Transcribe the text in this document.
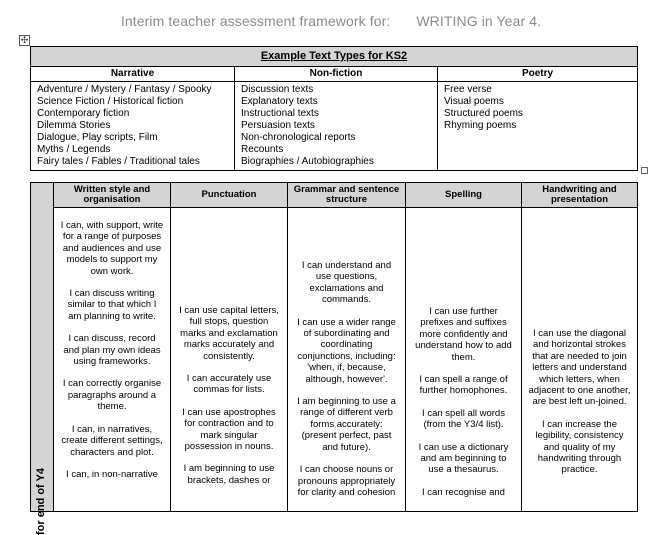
Interim teacher assessment framework for: WRITING in Year 4.
✣
Example Text Types for KS2
Narrative
Adventure / Mystery / Fantasy / Spooky
Science Fiction / Historical fiction
Contemporary fiction
Dilemma Stories
Dialogue, Play scripts, Film
Myths / Legends
Fairy tales / Fables / Traditional tales
Non-fiction
Discussion texts
Explanatory texts
Instructional texts
Persuasion texts
Non-chronological reports
Recounts
Biographies / Autobiographies
Poetry
Free verse
Visual poems
Structured poems
Rhyming poems
for end of Y4
Written style and organisation

I can, with support, write for a range of purposes and audiences and use models to support my own work.

I can discuss writing similar to that which I am planning to write.

I can discuss, record and plan my own ideas using frameworks.

I can correctly organise paragraphs around a theme.

I can, in narratives, create different settings, characters and plot.

I can, in non-narrative

Punctuation

I can use capital letters, full stops, question marks and exclamation marks accurately and consistently.

I can accurately use commas for lists.

I can use apostrophes for contraction and to mark singular possession in nouns.

I am beginning to use brackets, dashes or

Grammar and sentence structure

I can understand and use questions, exclamations and commands.

I can use a wider range of subordinating and coordinating conjunctions, including: 'when, if, because, although, however'.

I am beginning to use a range of different verb forms accurately: (present perfect, past and future).

I can choose nouns or pronouns appropriately for clarity and cohesion

Spelling

I can use further prefixes and suffixes more confidently and understand how to add them.

I can spell a range of further homophones.

I can spell all words (from the Y3/4 list).

I can use a dictionary and am beginning to use a thesaurus.

I can recognise and

Handwriting and presentation

I can use the diagonal and horizontal strokes that are needed to join letters and understand which letters, when adjacent to one another, are best left un-joined.

I can increase the legibility, consistency and quality of my handwriting through practice.
